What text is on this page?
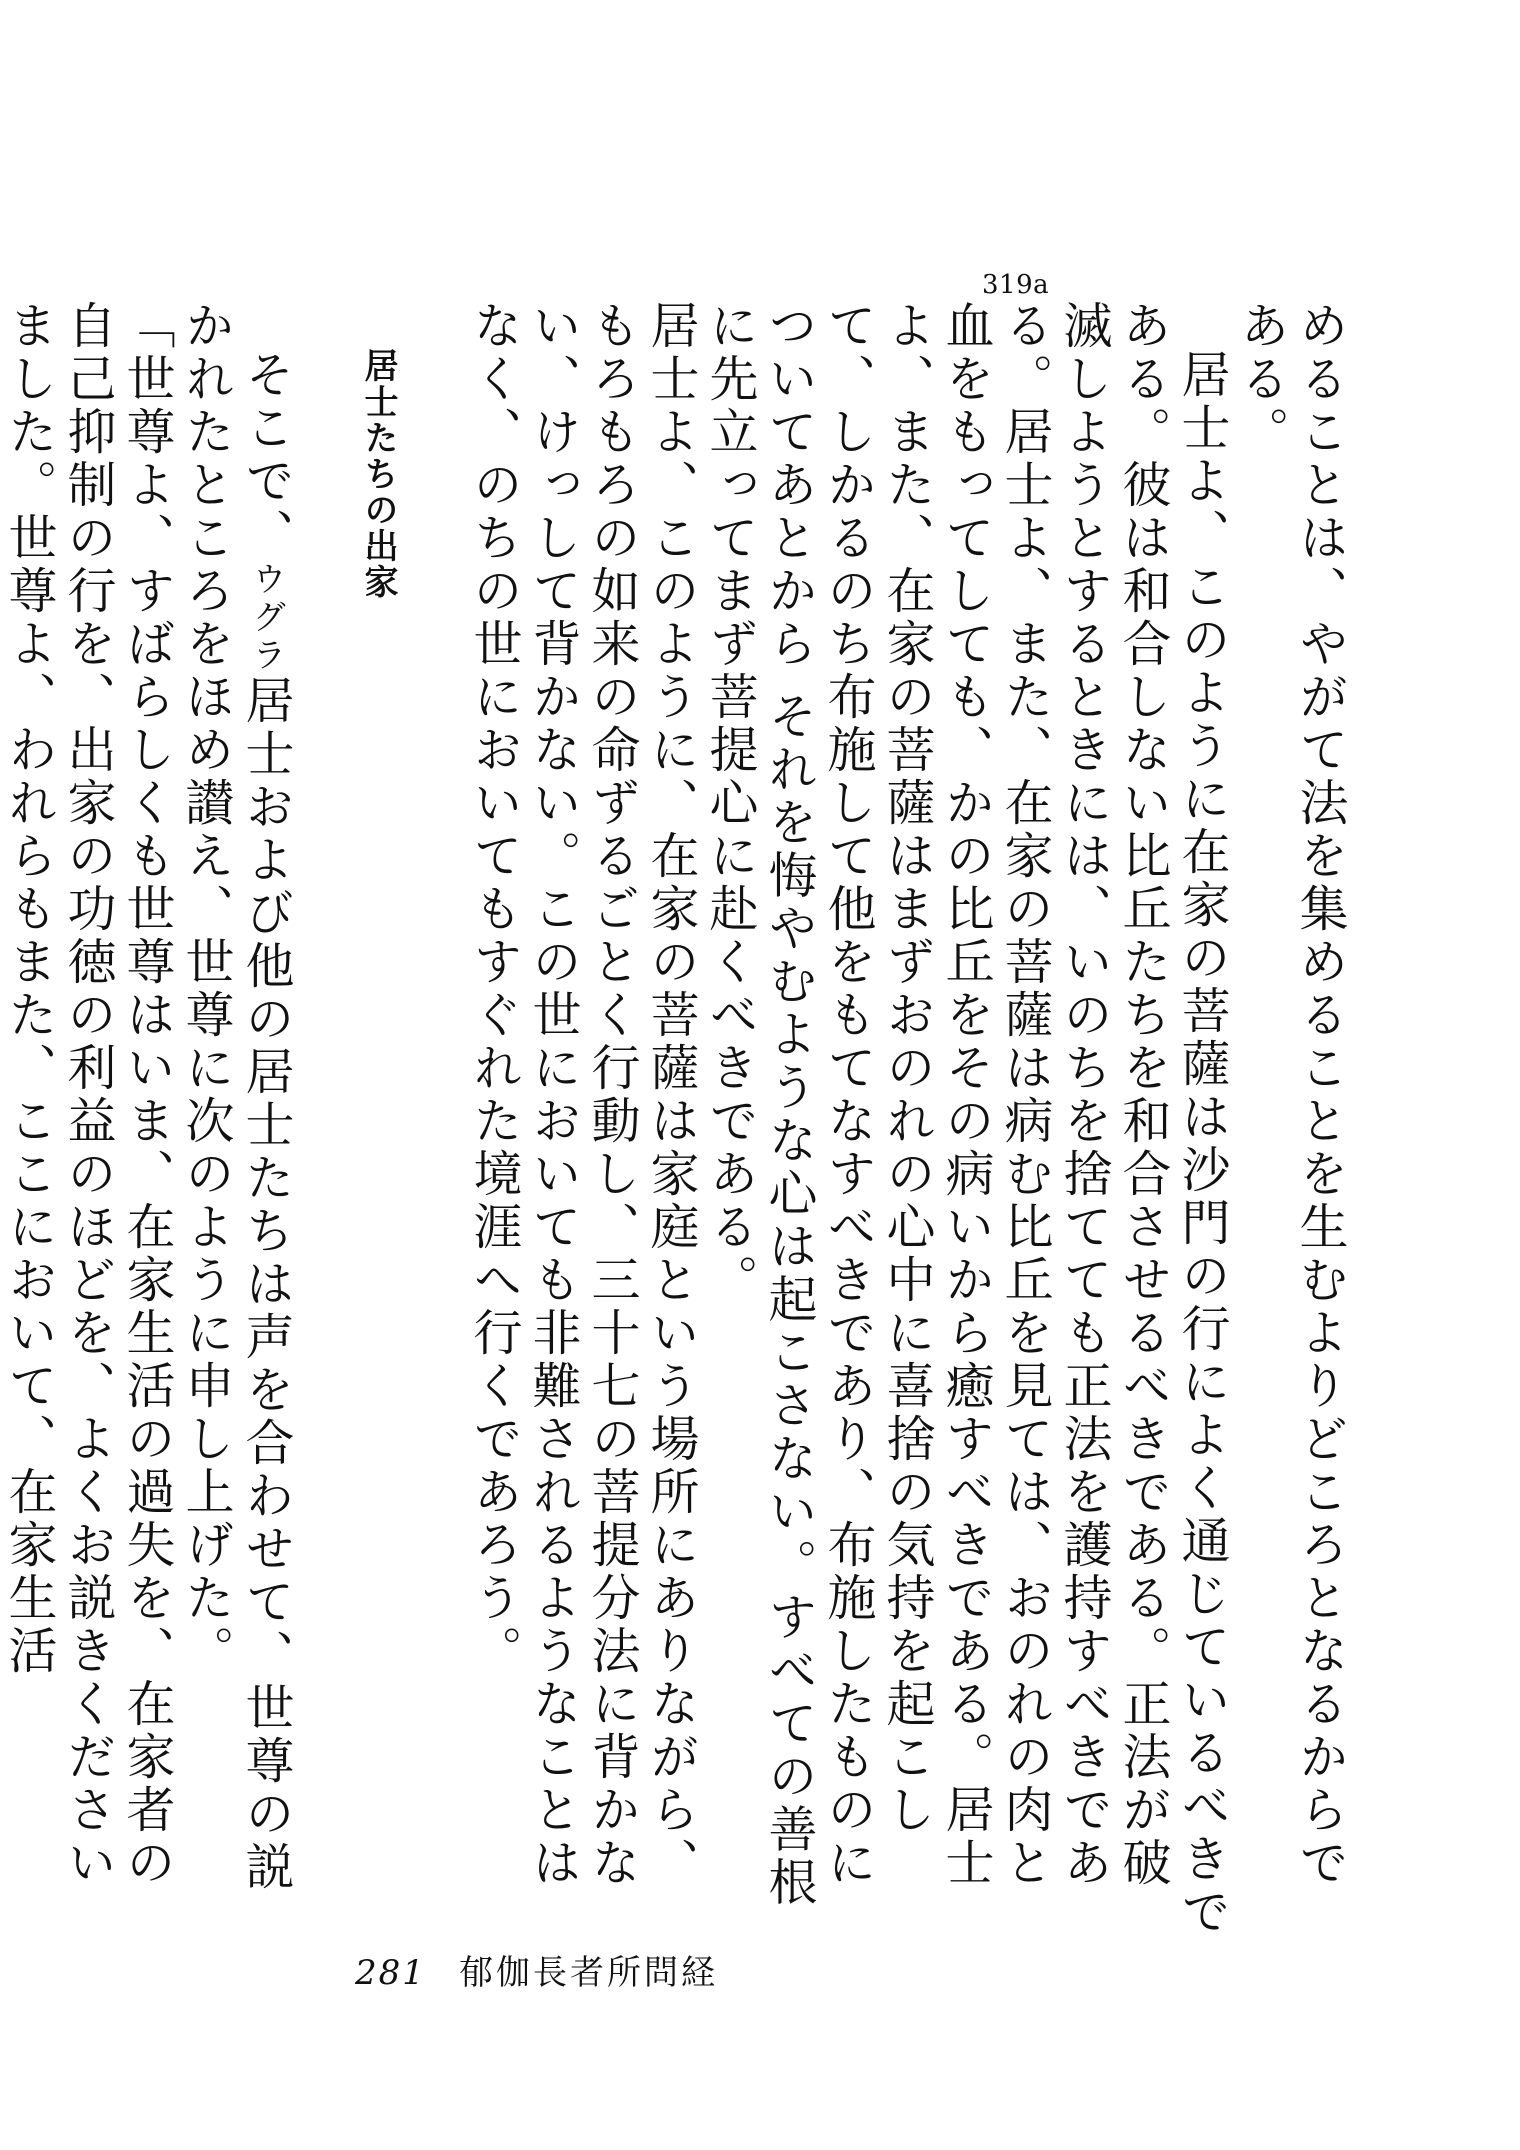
319a

めることは、やがて法を集めることを生むよりどころとなるからである。

居士よ、このように在家の菩薩は沙門の行によく通じているべきである。彼は和合しない比丘たちを和合させるべきである。正法が破滅しようとするときには、いのちを捨てても正法を護持すべきである。居士よ、また、在家の菩薩は病む比丘を見ては、おのれの肉と血をもってしても、かの比丘をその病いから癒すべきである。居士よ、また、在家の菩薩はまずおのれの心中に喜捨の気持を起こして、しかるのち布施して他をもてなすべきであり、布施したものについてあとから それを悔やむような心は起こさない。すべての善根に先立ってまず菩提心に赴くべきである。

居士よ、このように、在家の菩薩は家庭という場所にありながら、もろもろの如来の命ずるごとく行動し、三十七の菩提分法に背かない、けっして背かない。この世においても非難されるようなことはなく、のちの世においてもすぐれた境涯へ行くであろう。

居士たちの出家

そこで、ウグラ居士および他の居士たちは声を合わせて、世尊の説かれたところをほめ讃え、世尊に次のように申し上げた。

「世尊よ、すばらしくも世尊はいま、在家生活の過失を、在家者の自己抑制の行を、出家の功徳の利益のほどを、よくお説きくださいました。世尊よ、われらもまた、ここにおいて、在家生活

281 郁伽長者所問経
